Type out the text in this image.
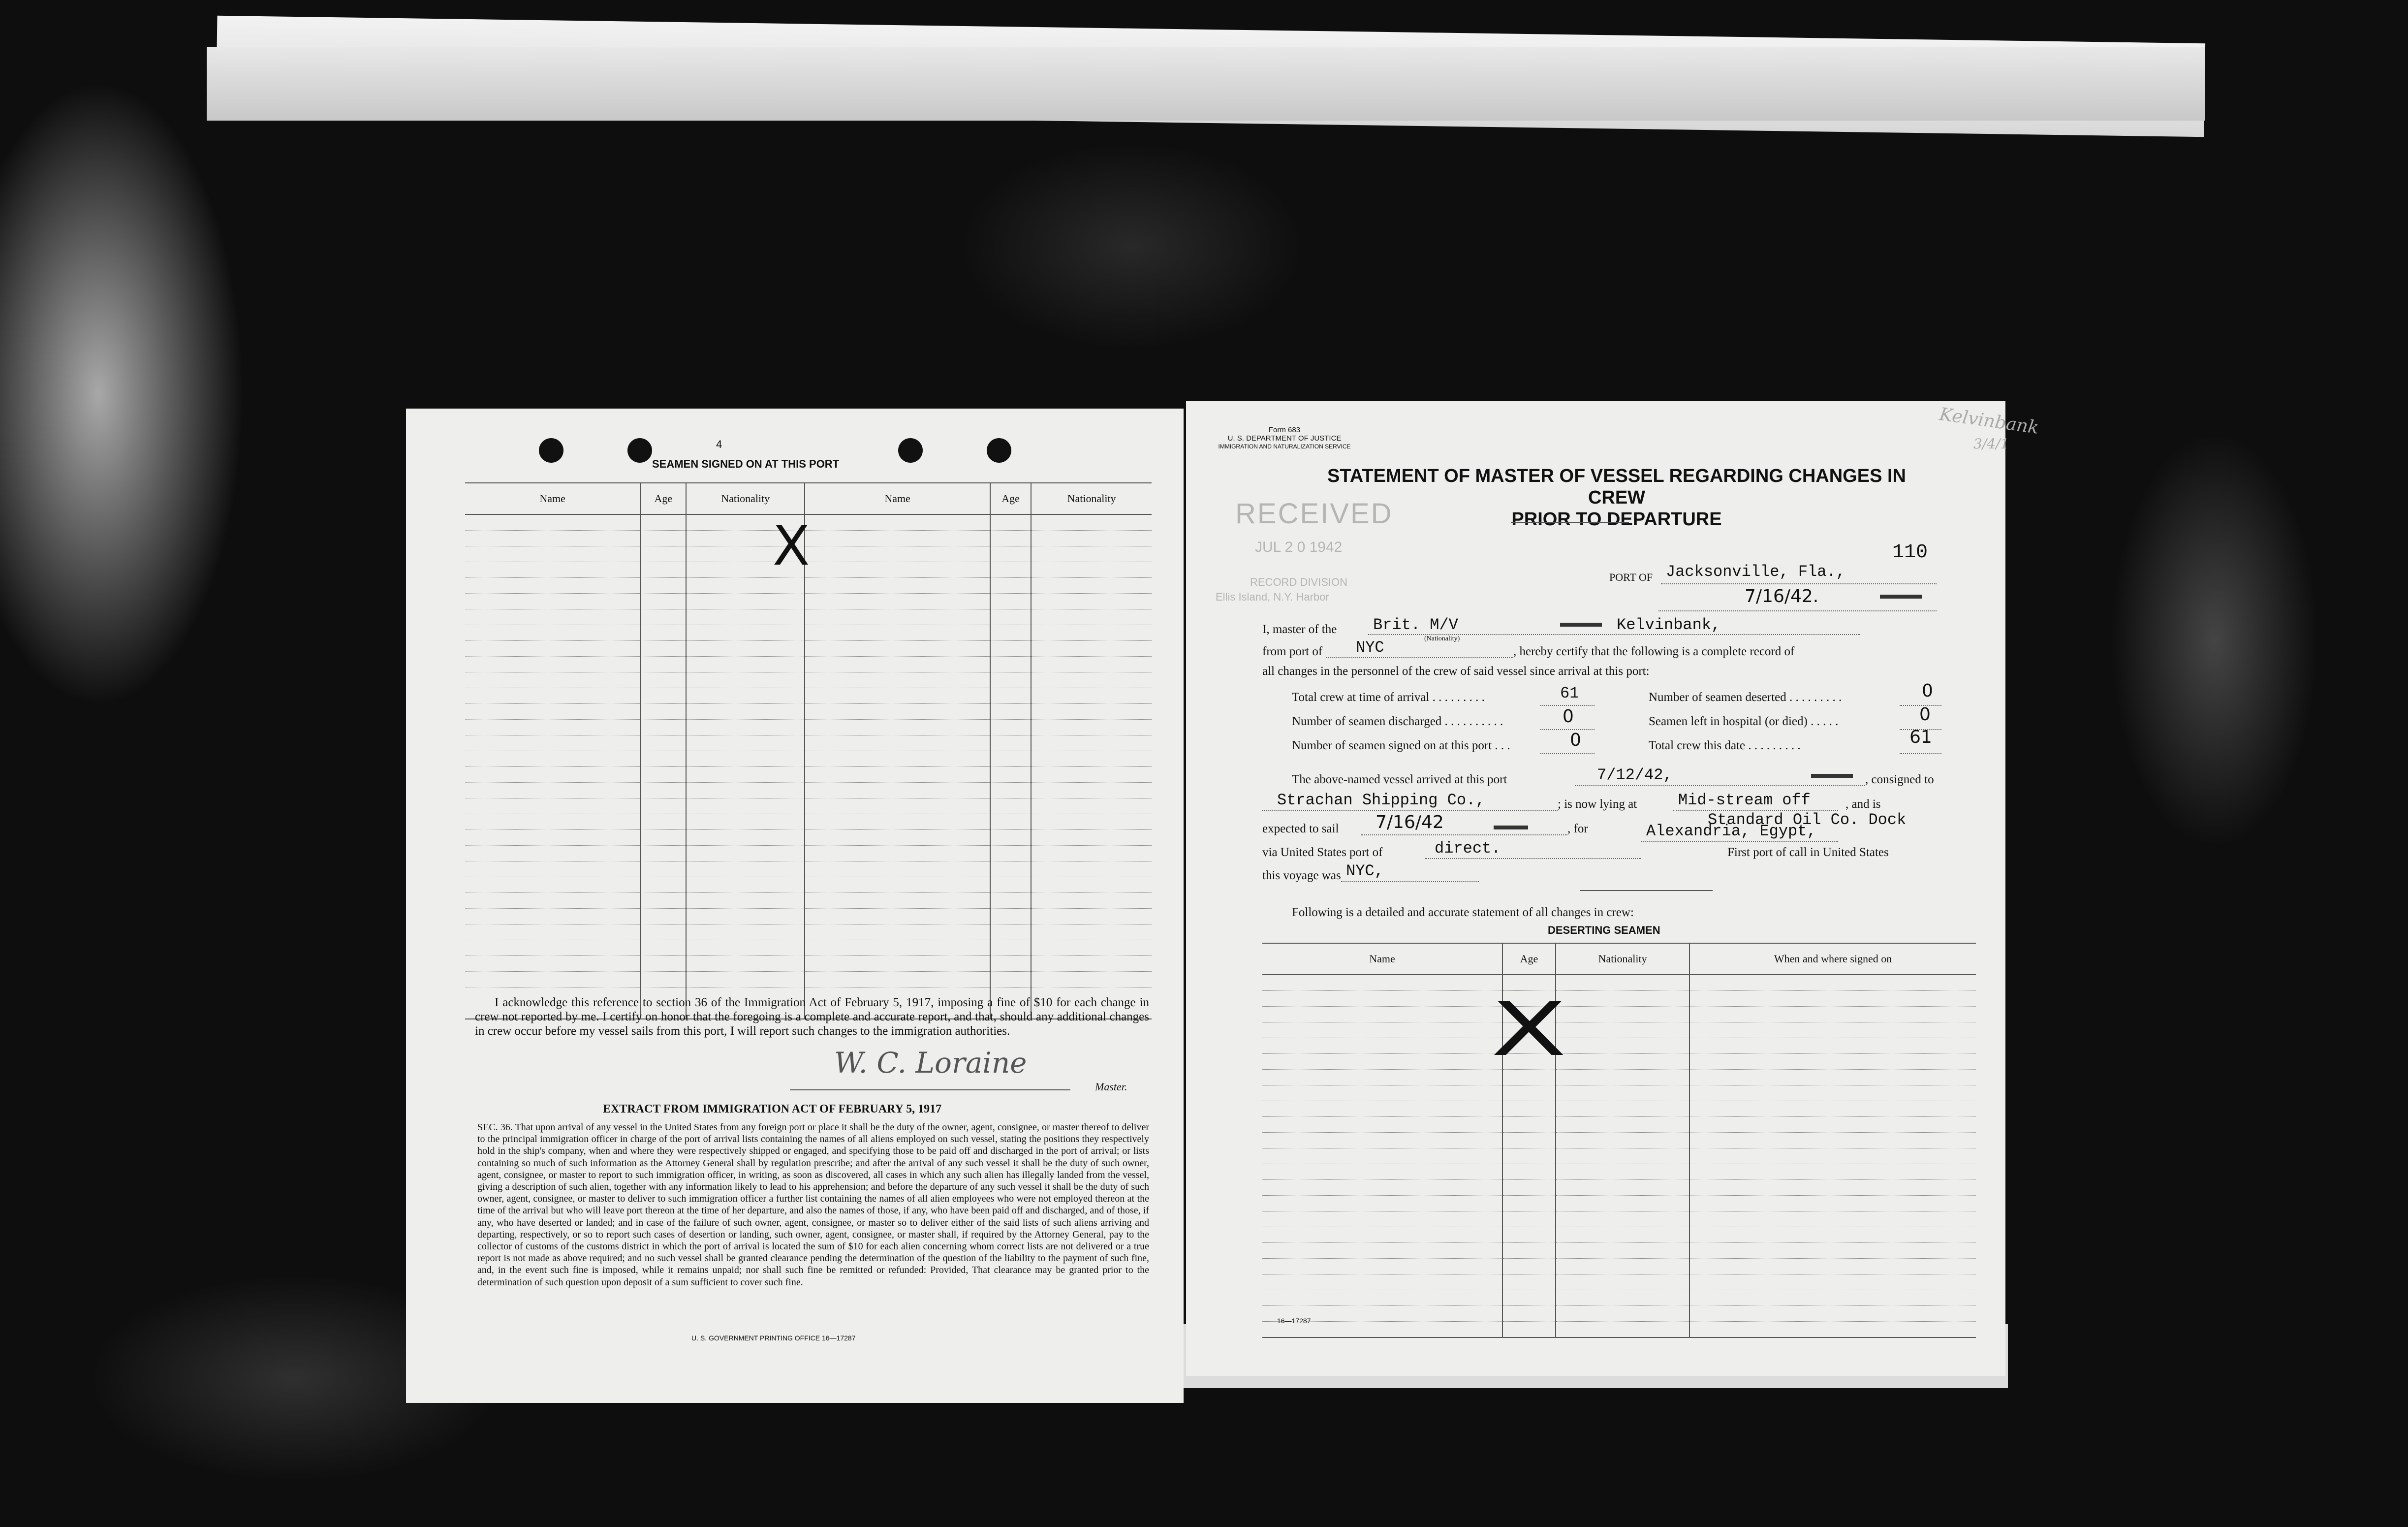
4
SEAMEN SIGNED ON AT THIS PORT
Name	Age	Nationality	Name	Age	Nationality

X
I acknowledge this reference to section 36 of the Immigration Act of February 5, 1917, imposing a fine of $10 for each change in crew not reported by me. I certify on honor that the foregoing is a complete and accurate report, and that, should any additional changes in crew occur before my vessel sails from this port, I will report such changes to the immigration authorities.
W. C. Loraine
Master.
EXTRACT FROM IMMIGRATION ACT OF FEBRUARY 5, 1917
SEC. 36. That upon arrival of any vessel in the United States from any foreign port or place it shall be the duty of the owner, agent, consignee, or master thereof to deliver to the principal immigration officer in charge of the port of arrival lists containing the names of all aliens employed on such vessel, stating the positions they respectively hold in the ship's company, when and where they were respectively shipped or engaged, and specifying those to be paid off and discharged in the port of arrival; or lists containing so much of such information as the Attorney General shall by regulation prescribe; and after the arrival of any such vessel it shall be the duty of such owner, agent, consignee, or master to report to such immigration officer, in writing, as soon as discovered, all cases in which any such alien has illegally landed from the vessel, giving a description of such alien, together with any information likely to lead to his apprehension; and before the departure of any such vessel it shall be the duty of such owner, agent, consignee, or master to deliver to such immigration officer a further list containing the names of all alien employees who were not employed thereon at the time of the arrival but who will leave port thereon at the time of her departure, and also the names of those, if any, who have been paid off and discharged, and of those, if any, who have deserted or landed; and in case of the failure of such owner, agent, consignee, or master so to deliver either of the said lists of such aliens arriving and departing, respectively, or so to report such cases of desertion or landing, such owner, agent, consignee, or master shall, if required by the Attorney General, pay to the collector of customs of the customs district in which the port of arrival is located the sum of $10 for each alien concerning whom correct lists are not delivered or a true report is not made as above required; and no such vessel shall be granted clearance pending the determination of the question of the liability to the payment of such fine, and, in the event such fine is imposed, while it remains unpaid; nor shall such fine be remitted or refunded: Provided, That clearance may be granted prior to the determination of such question upon deposit of a sum sufficient to cover such fine.
U. S. GOVERNMENT PRINTING OFFICE 16—17287
Form 683
U. S. DEPARTMENT OF JUSTICE
IMMIGRATION AND NATURALIZATION SERVICE
STATEMENT OF MASTER OF VESSEL REGARDING CHANGES IN CREW
PRIOR TO DEPARTURE
RECEIVED
JUL 2 0 1942
RECORD DIVISION
Ellis Island, N.Y. Harbor
110
PORT OF Jacksonville, Fla.,
7/16/42.
I, master of the Brit. M/V
(Nationality)
Kelvinbank,
from port of NYC	, hereby certify that the following is a complete record of
all changes in the personnel of the crew of said vessel since arrival at this port:
Total crew at time of arrival . . . . . . . . .	61
Number of seamen discharged . . . . . . . . . .	0
Number of seamen signed on at this port . . .	0
Number of seamen deserted . . . . . . . . .	0
Seamen left in hospital (or died) . . . . .	0
Total crew this date . . . . . . . . .	61
The above-named vessel arrived at this port	7/12/42,	, consigned to
Strachan Shipping Co.,	; is now lying at	Mid-stream off	, and is
Standard Oil Co. Dock
expected to sail 7/16/42	, for	Alexandria, Egypt,
via United States port of	direct.	First port of call in United States
this voyage was NYC,
Following is a detailed and accurate statement of all changes in crew:
DESERTING SEAMEN
Name	Age	Nationality	When and where signed on

X
Kelvinbank
3/4/1
16—17287
